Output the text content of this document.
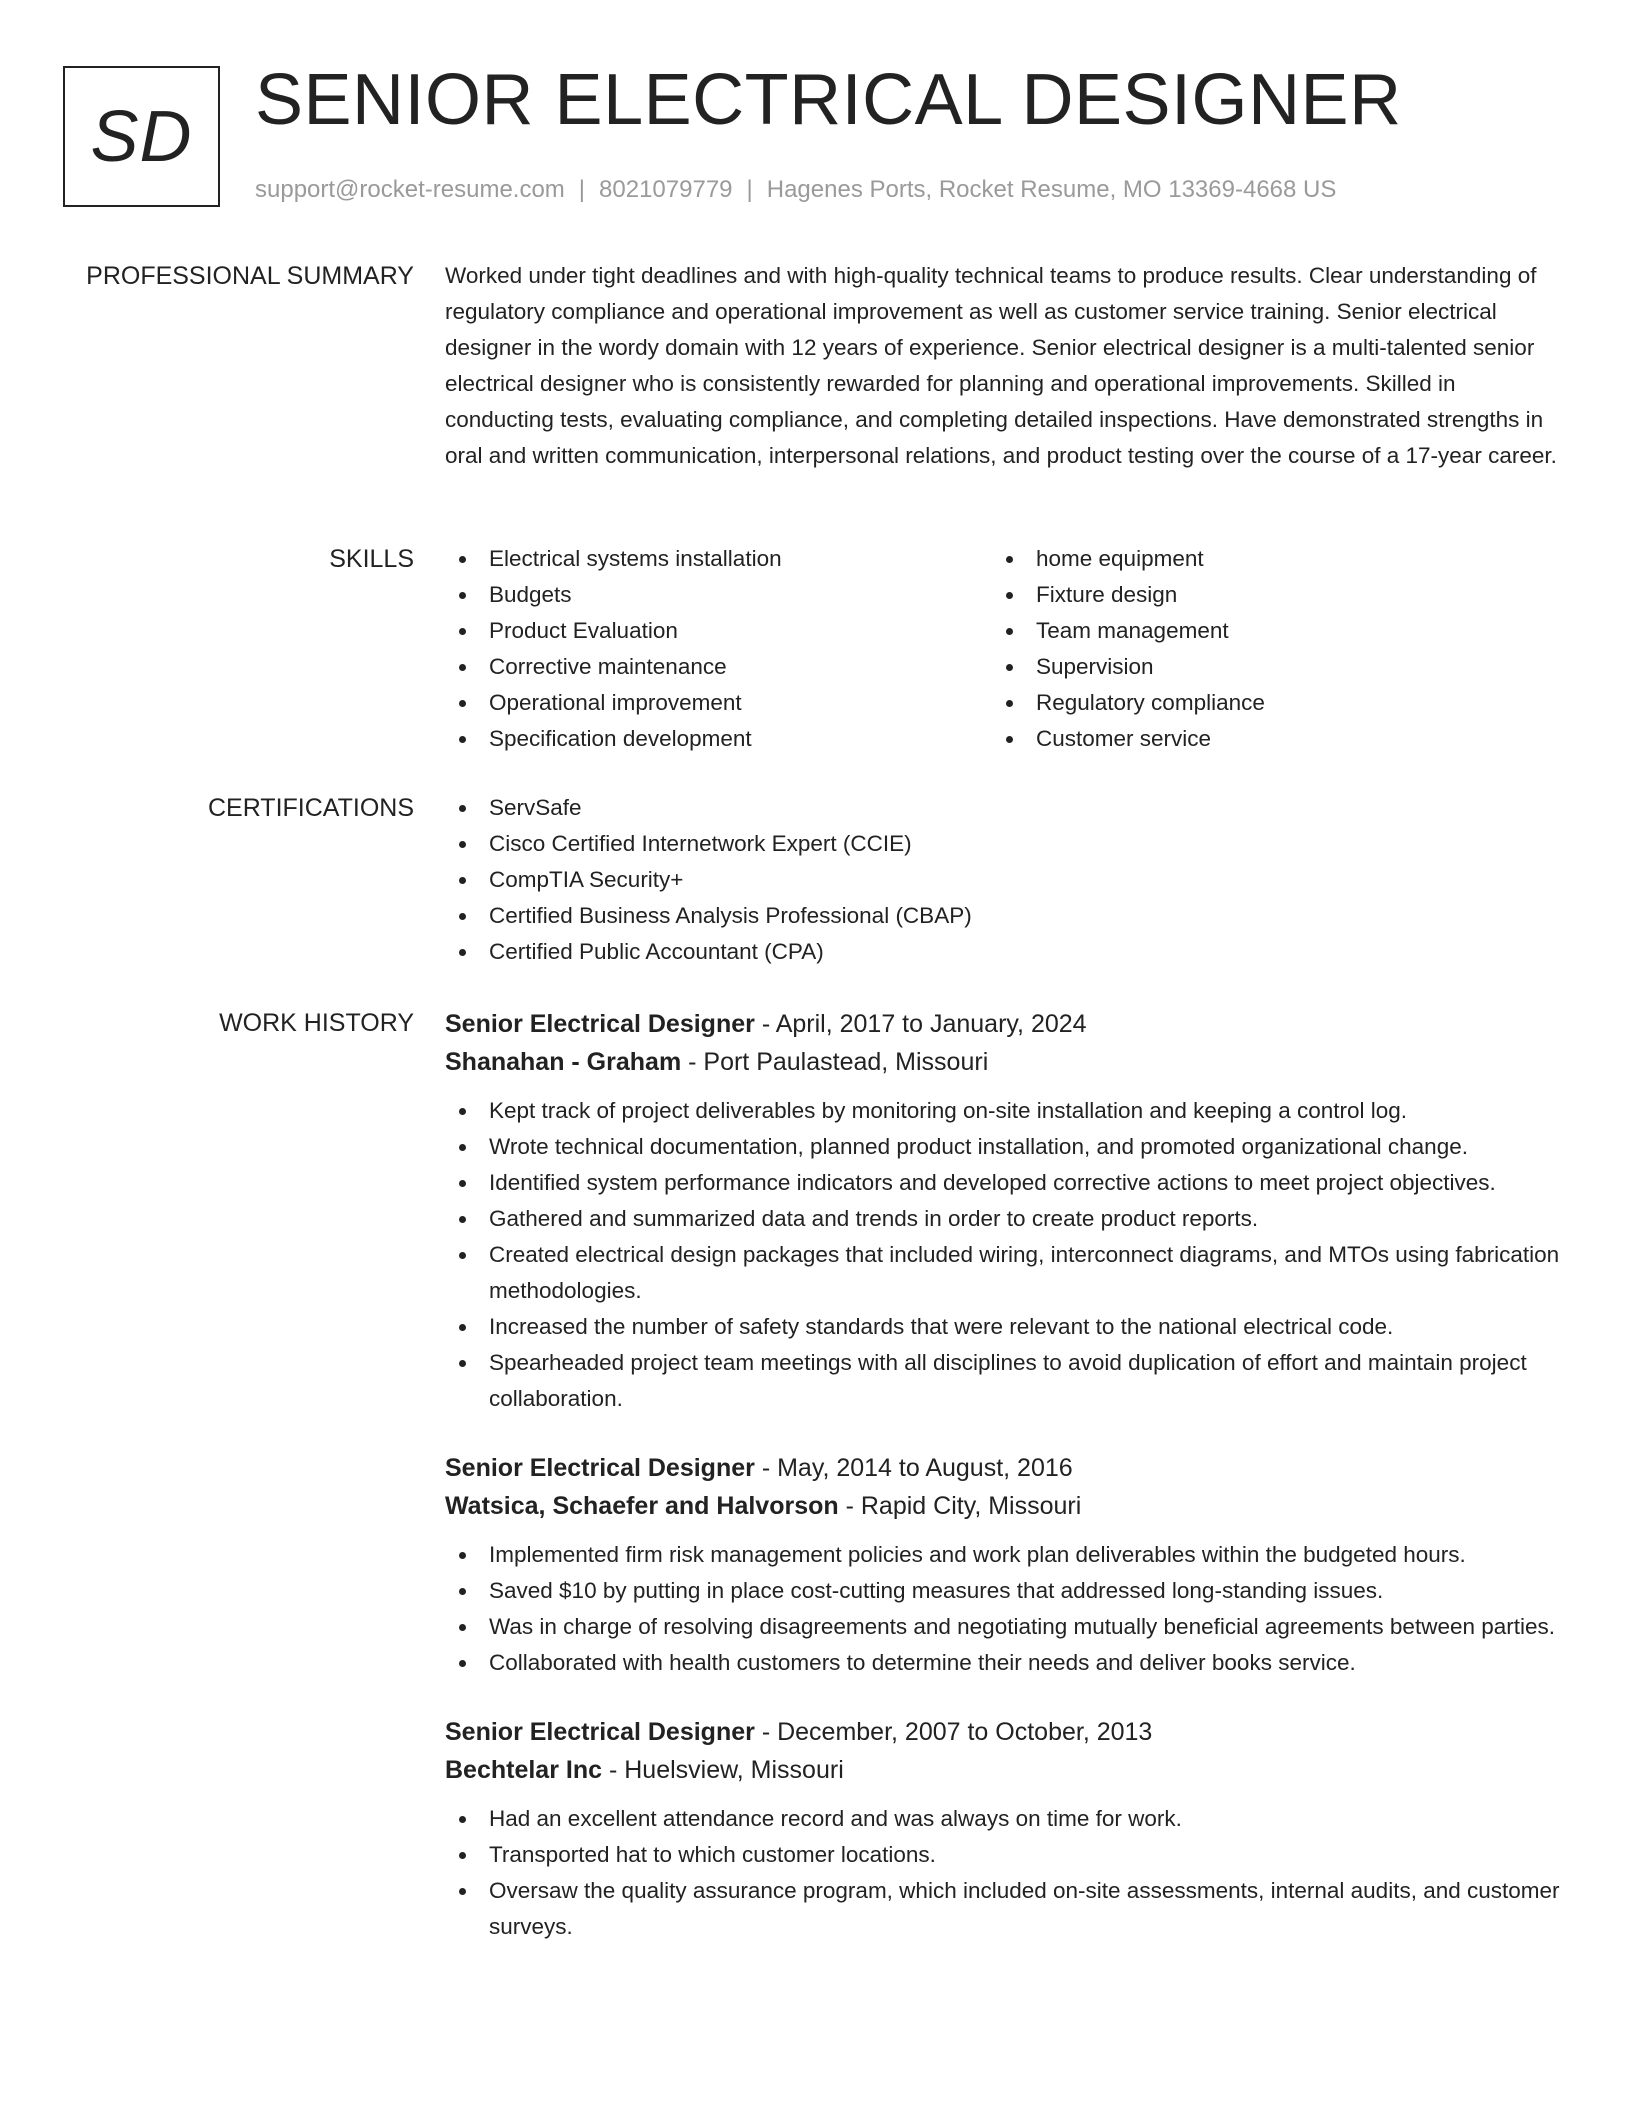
SD SENIOR ELECTRICAL DESIGNER
support@rocket-resume.com | 8021079779 | Hagenes Ports, Rocket Resume, MO 13369-4668 US
PROFESSIONAL SUMMARY Worked under tight deadlines and with high-quality technical teams to produce results. Clear understanding of regulatory compliance and operational improvement as well as customer service training. Senior electrical designer in the wordy domain with 12 years of experience. Senior electrical designer is a multi-talented senior electrical designer who is consistently rewarded for planning and operational improvements. Skilled in conducting tests, evaluating compliance, and completing detailed inspections. Have demonstrated strengths in oral and written communication, interpersonal relations, and product testing over the course of a 17-year career.

SKILLS	Electrical systems installation
Budgets
Product Evaluation
Corrective maintenance
Operational improvement
Specification development
home equipment
Fixture design
Team management
Supervision
Regulatory compliance
Customer service
CERTIFICATIONS	ServSafe
Cisco Certified Internetwork Expert (CCIE)
CompTIA Security+
Certified Business Analysis Professional (CBAP)
Certified Public Accountant (CPA)
WORK HISTORY Senior Electrical Designer - April, 2017 to January, 2024
Shanahan - Graham - Port Paulastead, Missouri
Kept track of project deliverables by monitoring on-site installation and keeping a control log.
Wrote technical documentation, planned product installation, and promoted organizational change.
Identified system performance indicators and developed corrective actions to meet project objectives.
Gathered and summarized data and trends in order to create product reports.
Created electrical design packages that included wiring, interconnect diagrams, and MTOs using fabrication methodologies.
Increased the number of safety standards that were relevant to the national electrical code.
Spearheaded project team meetings with all disciplines to avoid duplication of effort and maintain project collaboration.
Senior Electrical Designer - May, 2014 to August, 2016
Watsica, Schaefer and Halvorson - Rapid City, Missouri
Implemented firm risk management policies and work plan deliverables within the budgeted hours.
Saved $10 by putting in place cost-cutting measures that addressed long-standing issues.
Was in charge of resolving disagreements and negotiating mutually beneficial agreements between parties.
Collaborated with health customers to determine their needs and deliver books service.
Senior Electrical Designer - December, 2007 to October, 2013
Bechtelar Inc - Huelsview, Missouri
Had an excellent attendance record and was always on time for work.
Transported hat to which customer locations.
Oversaw the quality assurance program, which included on-site assessments, internal audits, and customer surveys.
